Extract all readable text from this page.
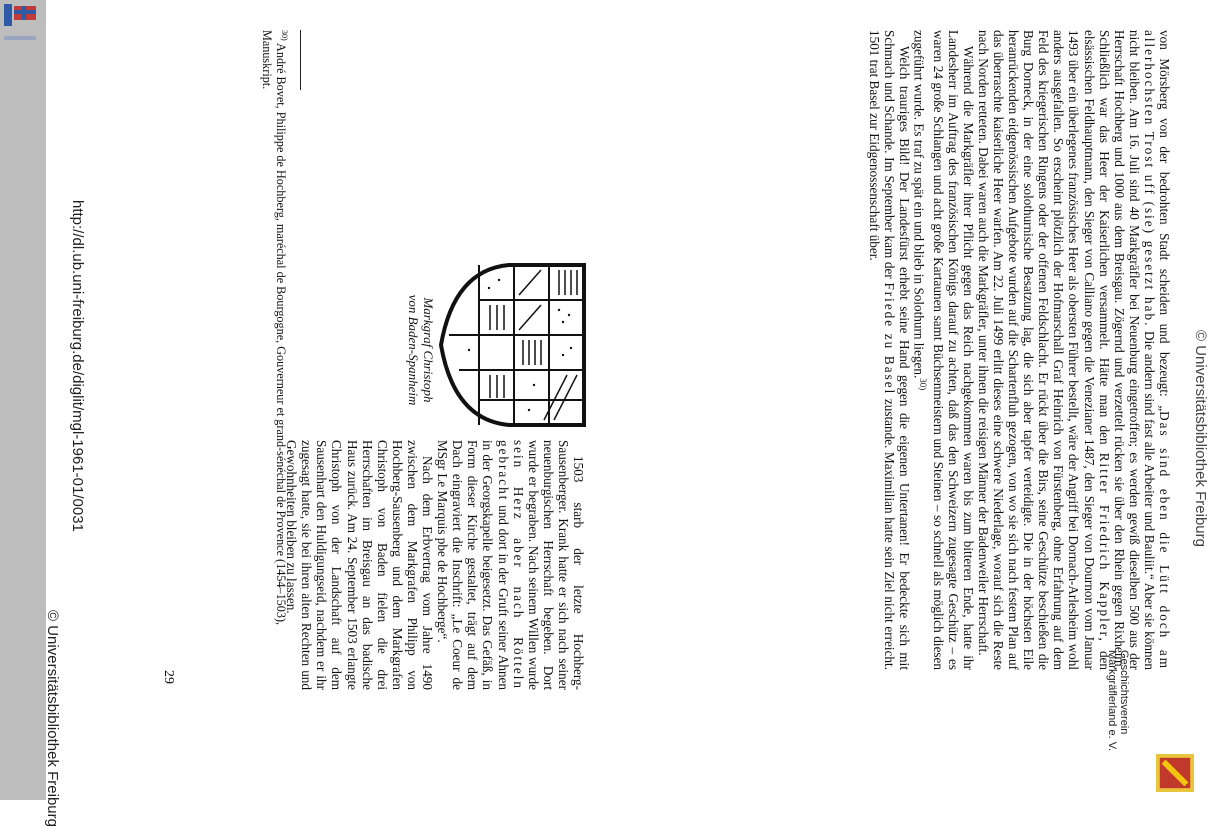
© Universitätsbibliothek Freiburg

von Mörsberg von der bedrohten Stadt scheiden und bezeugt: „Das sind eben die Lütt doch am allerhochsten Trost uff (sie) gesetzt hab. Die andern sind fast alle Arbeiter und Bauliit.“ Aber sie können nicht bleiben. Am 16. Juli sind 40 Markgräfler bei Neuenburg eingetroffen; es werden gewiß dieselben 500 aus der Herrschaft Hochberg und 1000 aus dem Breisgau. Zögernd und verzettelt rücken sie über den Rhein gegen Rixheim. Schließlich war das Heer der Kaiserlichen versammelt. Hätte man den Ritter Friedrich Kappler, den elsässischen Feldhauptmann, den Sieger von Calliano gegen die Venezianer 1487, den Sieger von Dournon vom Januar 1493 über ein überlegenes französisches Heer als obersten Führer bestellt, wäre der Angriff bei Dornach-Arlesheim wohl anders ausgefallen. So erscheint plötzlich der Hofmarschall Graf Heinrich von Fürstenberg, ohne Erfahrung auf dem Feld des kriegerischen Ringens oder der offenen Feldschlacht. Er rückt über die Birs, seine Geschütze beschießen die Burg Dorneck, in der eine solothurnische Besatzung lag, die sich aber tapfer verteidigte. Die in der höchsten Eile heranrückenden eidgenössischen Aufgebote wurden auf die Schartenfluh gezogen, von wo sie sich nach festem Plan auf das überraschte kaiserliche Heer warfen. Am 22. Juli 1499 erlitt dieses eine schwere Niederlage, worauf sich die Reste nach Norden retteten. Dabei waren auch die Markgräfler, unter ihnen die reisigen Männer der Badenweiler Herrschaft.

Während die Markgräfler ihrer Pflicht gegen das Reich nachgekommen waren bis zum bitteren Ende, hatte ihr Landesherr im Auftrag des französischen Königs darauf zu achten, daß das den Schweizern zugesagte Geschütz – es waren 24 große Schlangen und acht große Kartaunen samt Büchsenmeistern und Steinen – so schnell als möglich diesen zugeführt wurde. Es traf zu spät ein und blieb in Solothurn liegen.$^{30)}$

Welch trauriges Bild! Der Landesfürst erhebt seine Hand gegen die eigenen Untertanen! Er bedeckte sich mit Schmach und Schande. Im September kam der Friede zu Basel zustande. Maximilian hatte sein Ziel nicht erreicht. 1501 trat Basel zur Eidgenossenschaft über.

Markgraf Christoph
von Baden-Spanheim

1503 starb der letzte Hochberg-Sausenberger. Krank hatte er sich nach seiner neuenburgischen Herrschaft begeben. Dort wurde er begraben. Nach seinem Willen wurde sein Herz aber nach Rötteln gebracht und dort in der Gruft seiner Ahnen in der Georgskapelle beigesetzt. Das Gefäß, in Form dieser Kirche gestaltet, trägt auf dem Dach eingraviert die Inschrift: „Le Coeur de MSgr Le Marquis pbe de Hochberge“.

Nach dem Erbvertrag vom Jahre 1490 zwischen dem Markgrafen Philipp von Hochberg-Sausenberg und dem Markgrafen Christoph von Baden fielen die drei Herrschaften im Breisgau an das badische Haus zurück. Am 24. September 1503 erlangte Christoph von der Landschaft auf dem Sausenhart den Huldigungseid, nachdem er ihr zugesagt hatte, sie bei ihren alten Rechten und Gewohnheiten bleiben zu lassen.

$^{30)}$ André Bovet, Philippe de Hochberg, maréchal de Bourgogne, Gouverneur et grand-sénéchal de Provence (1454–1503), Manuskript.
29
http://dl.ub.uni-freiburg.de/diglit/mgl-1961-01/0031
© Universitätsbibliothek Freiburg	Geschichtsverein
Markgräflerland e. V.
